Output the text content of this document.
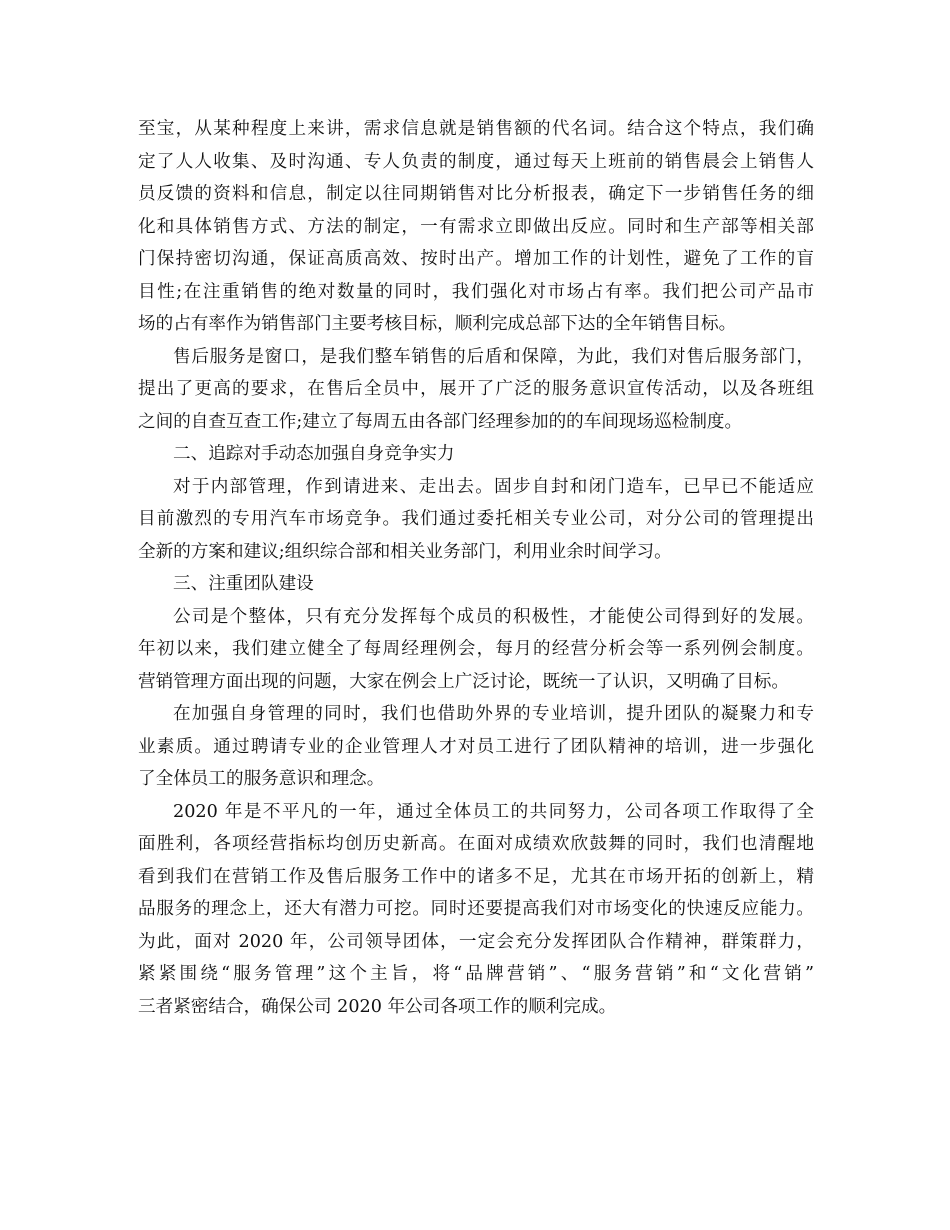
至宝，从某种程度上来讲，需求信息就是销售额的代名词。结合这个特点，我们确
定了人人收集、及时沟通、专人负责的制度，通过每天上班前的销售晨会上销售人
员反馈的资料和信息，制定以往同期销售对比分析报表，确定下一步销售任务的细
化和具体销售方式、方法的制定，一有需求立即做出反应。同时和生产部等相关部
门保持密切沟通，保证高质高效、按时出产。增加工作的计划性，避免了工作的盲
目性;在注重销售的绝对数量的同时，我们强化对市场占有率。我们把公司产品市
场的占有率作为销售部门主要考核目标，顺利完成总部下达的全年销售目标。
售后服务是窗口，是我们整车销售的后盾和保障，为此，我们对售后服务部门，
提出了更高的要求，在售后全员中，展开了广泛的服务意识宣传活动，以及各班组
之间的自查互查工作;建立了每周五由各部门经理参加的的车间现场巡检制度。
二、追踪对手动态加强自身竞争实力
对于内部管理，作到请进来、走出去。固步自封和闭门造车，已早已不能适应
目前激烈的专用汽车市场竞争。我们通过委托相关专业公司，对分公司的管理提出
全新的方案和建议;组织综合部和相关业务部门，利用业余时间学习。
三、注重团队建设
公司是个整体，只有充分发挥每个成员的积极性，才能使公司得到好的发展。
年初以来，我们建立健全了每周经理例会，每月的经营分析会等一系列例会制度。
营销管理方面出现的问题，大家在例会上广泛讨论，既统一了认识，又明确了目标。
在加强自身管理的同时，我们也借助外界的专业培训，提升团队的凝聚力和专
业素质。通过聘请专业的企业管理人才对员工进行了团队精神的培训，进一步强化
了全体员工的服务意识和理念。
2020 年是不平凡的一年，通过全体员工的共同努力，公司各项工作取得了全
面胜利，各项经营指标均创历史新高。在面对成绩欢欣鼓舞的同时，我们也清醒地
看到我们在营销工作及售后服务工作中的诸多不足，尤其在市场开拓的创新上，精
品服务的理念上，还大有潜力可挖。同时还要提高我们对市场变化的快速反应能力。
为此，面对 2020 年，公司领导团体，一定会充分发挥团队合作精神，群策群力，
紧紧围绕“服务管理”这个主旨，将“品牌营销”、“服务营销”和“文化营销”
三者紧密结合，确保公司 2020 年公司各项工作的顺利完成。
